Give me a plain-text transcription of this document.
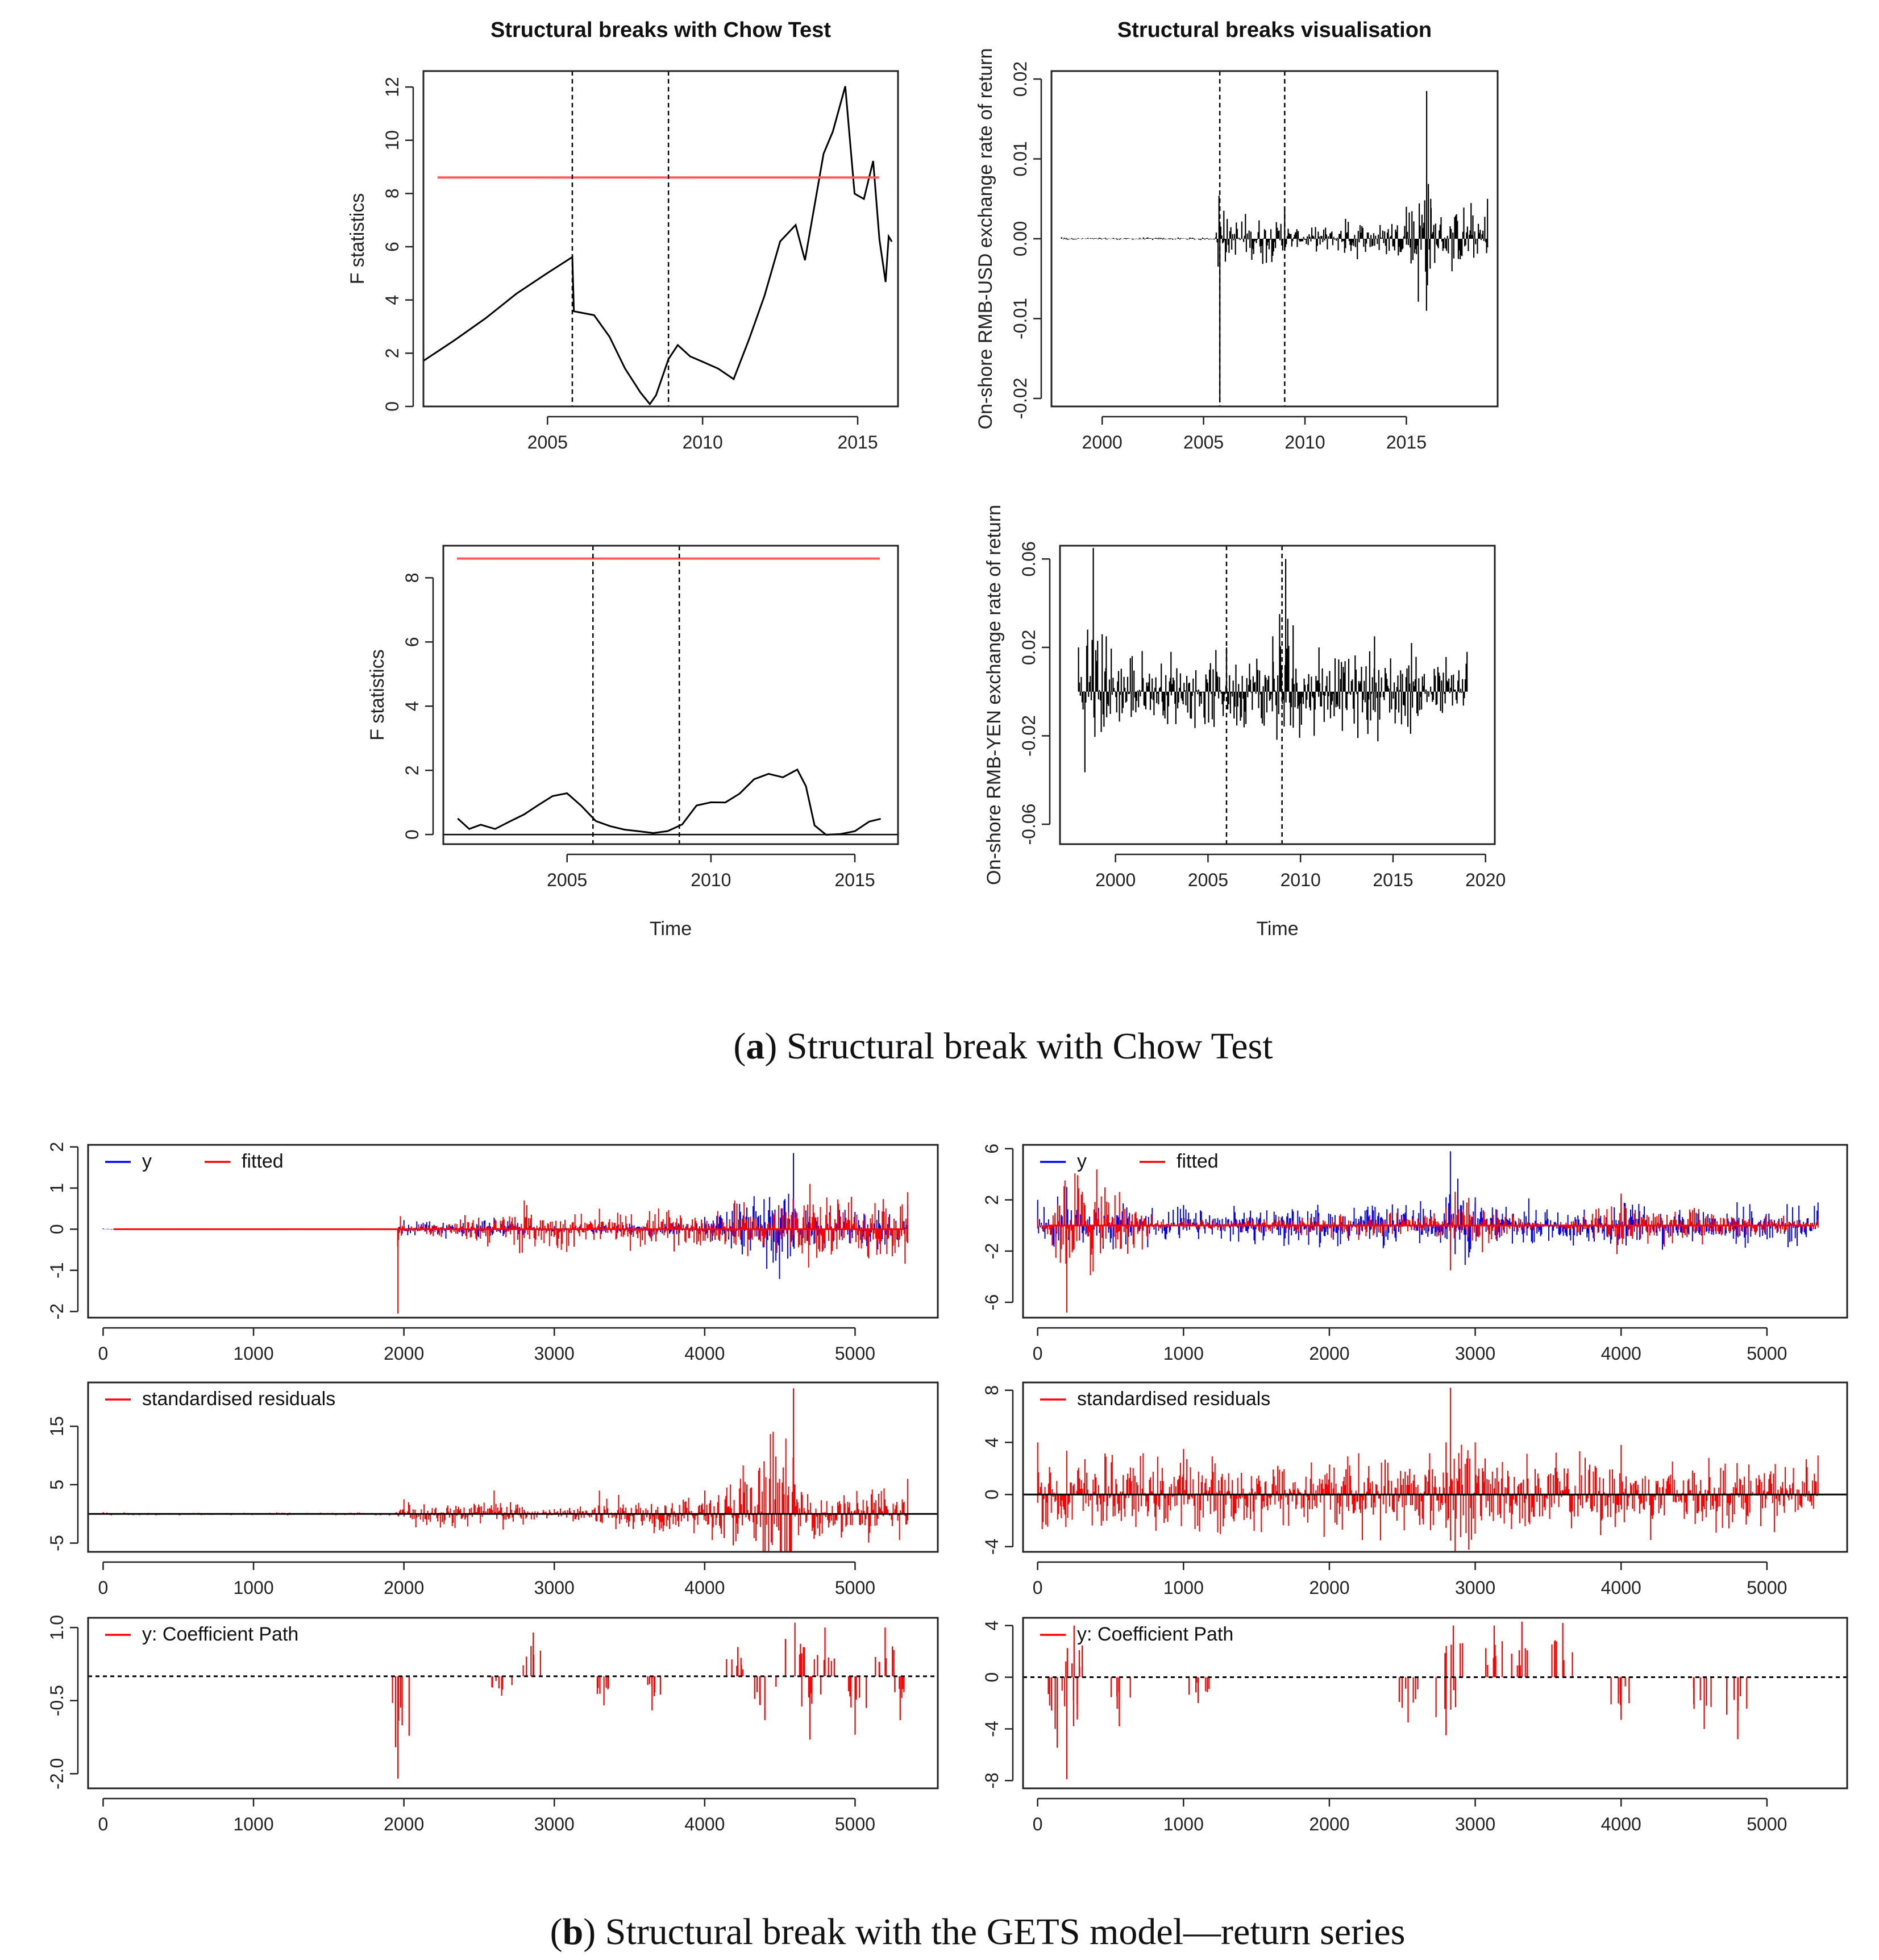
2005	2010	2015
0
2
4
6
8
10
12
Structural breaks with Chow Test
F statistics
2000	2005	2010	2015
-0.02
-0.01
0.00
0.01
0.02
Structural breaks visualisation
On-shore RMB-USD exchange rate of return
2005	2010	2015
0
2
4
6
8
Time
F statistics
2000	2005	2010	2015	2020
-0.06
-0.02
0.02
0.06
Time
On-shore RMB-YEN exchange rate of return
(a) Structural break with Chow Test
0	1000	2000	3000	4000	5000
-2
-1
0
1
2
y	fitted
0	1000	2000	3000	4000	5000
-6
-2
2
6
y	fitted
0	1000	2000	3000	4000	5000
-5
5
15
standardised residuals
0	1000	2000	3000	4000	5000
-4
0
4
8	standardised residuals
0	1000	2000	3000	4000	5000
-2.0
-0.5
1.0	y: Coefficient Path
0	1000	2000	3000	4000	5000
-8
-4
0
4	y: Coefficient Path
(b) Structural break with the GETS model—return series
